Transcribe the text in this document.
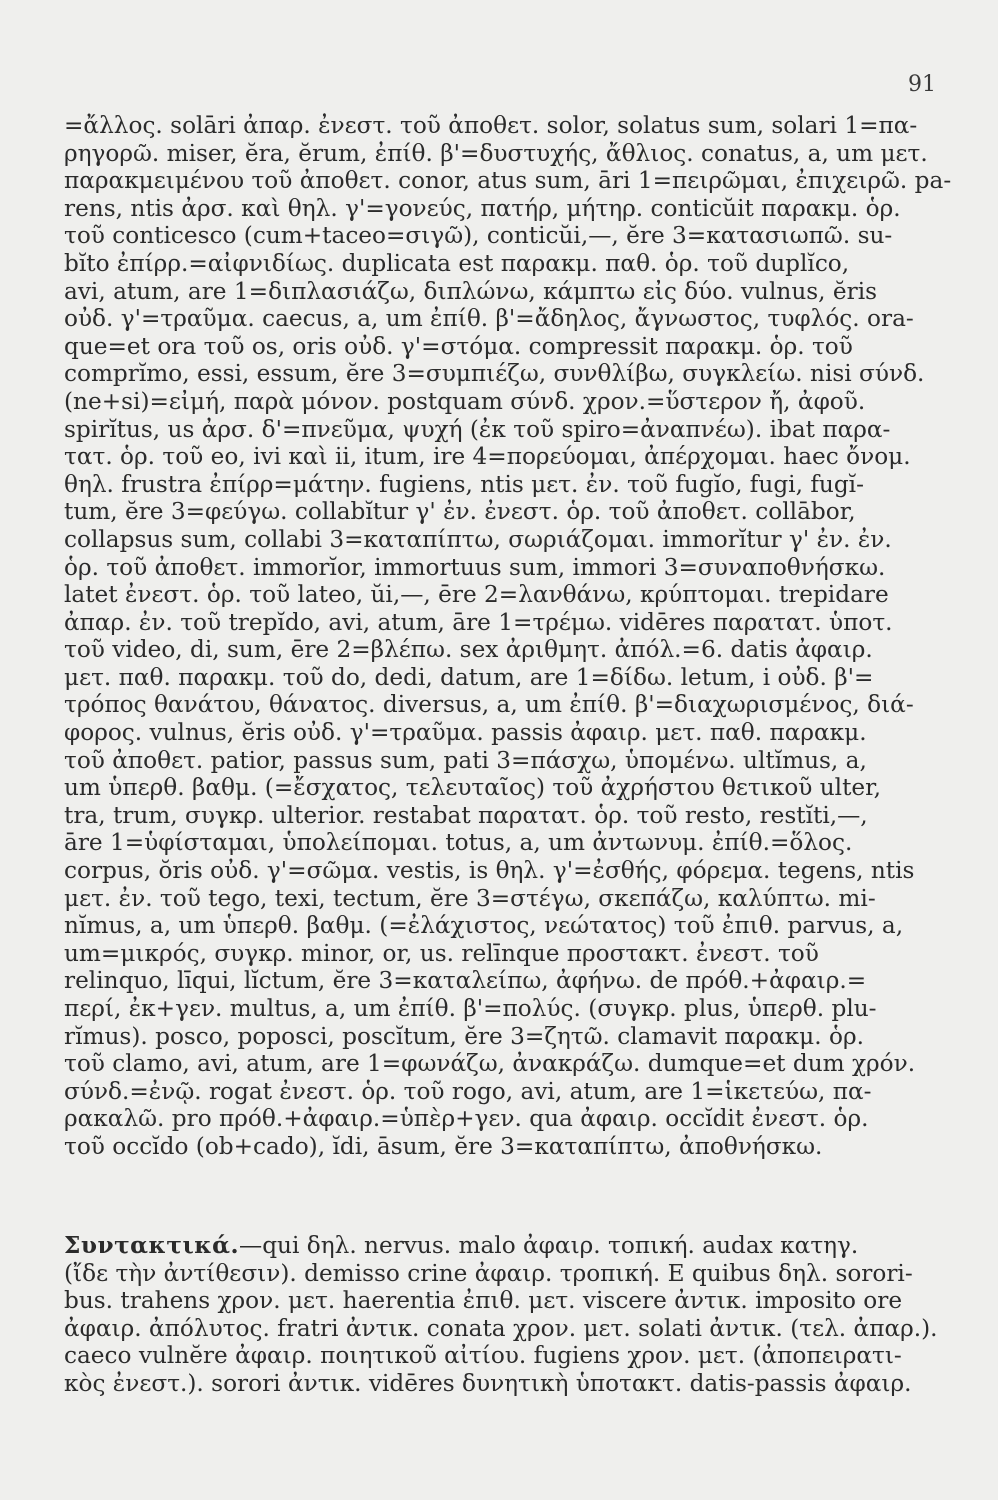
91
=ἄλλος. solāri ἀπαρ. ἐνεστ. τοῦ ἀποθετ. solor, solatus sum, solari 1=πα-
ρηγορῶ. miser, ĕra, ĕrum, ἐπίθ. β'=δυστυχής, ἄθλιος. conatus, a, um μετ.
παρακμειμένου τοῦ ἀποθετ. conor, atus sum, āri 1=πειρῶμαι, ἐπιχειρῶ. pa-
rens, ntis ἀρσ. καὶ θηλ. γ'=γονεύς, πατήρ, μήτηρ. conticŭit παρακμ. ὁρ.
τοῦ conticesco (cum+taceo=σιγῶ), conticŭi,—, ĕre 3=κατασιωπῶ. su-
bĭto ἐπίρρ.=αἰφνιδίως. duplicata est παρακμ. παθ. ὁρ. τοῦ duplĭco,
avi, atum, are 1=διπλασιάζω, διπλώνω, κάμπτω εἰς δύο. vulnus, ĕris
οὐδ. γ'=τραῦμα. caecus, a, um ἐπίθ. β'=ἄδηλος, ἄγνωστος, τυφλός. ora-
que=et ora τοῦ os, oris οὐδ. γ'=στόμα. compressit παρακμ. ὁρ. τοῦ
comprĭmo, essi, essum, ĕre 3=συμπιέζω, συνθλίβω, συγκλείω. nisi σύνδ.
(ne+si)=εἰμή, παρὰ μόνον. postquam σύνδ. χρον.=ὕστερον ἤ, ἀφοῦ.
spirĭtus, us ἀρσ. δ'=πνεῦμα, ψυχή (ἐκ τοῦ spiro=ἀναπνέω). ibat παρα-
τατ. ὁρ. τοῦ eo, ivi καὶ ii, itum, ire 4=πορεύομαι, ἀπέρχομαι. haec ὄνομ.
θηλ. frustra ἐπίρρ=μάτην. fugiens, ntis μετ. ἐν. τοῦ fugĭo, fugi, fugĭ-
tum, ĕre 3=φεύγω. collabĭtur γ' ἐν. ἐνεστ. ὁρ. τοῦ ἀποθετ. collābor,
collapsus sum, collabi 3=καταπίπτω, σωριάζομαι. immorĭtur γ' ἐν. ἐν.
ὁρ. τοῦ ἀποθετ. immorĭor, immortuus sum, immori 3=συναποθνήσκω.
latet ἐνεστ. ὁρ. τοῦ lateo, ŭi,—, ēre 2=λανθάνω, κρύπτομαι. trepidare
ἀπαρ. ἐν. τοῦ trepĭdo, avi, atum, āre 1=τρέμω. vidēres παρατατ. ὑποτ.
τοῦ video, di, sum, ēre 2=βλέπω. sex ἀριθμητ. ἀπόλ.=6. datis ἀφαιρ.
μετ. παθ. παρακμ. τοῦ do, dedi, datum, are 1=δίδω. letum, i οὐδ. β'=
τρόπος θανάτου, θάνατος. diversus, a, um ἐπίθ. β'=διαχωρισμένος, διά-
φορος. vulnus, ĕris οὐδ. γ'=τραῦμα. passis ἀφαιρ. μετ. παθ. παρακμ.
τοῦ ἀποθετ. patior, passus sum, pati 3=πάσχω, ὑπομένω. ultĭmus, a,
um ὑπερθ. βαθμ. (=ἔσχατος, τελευταῖος) τοῦ ἀχρήστου θετικοῦ ulter,
tra, trum, συγκρ. ulterior. restabat παρατατ. ὁρ. τοῦ resto, restĭti,—,
āre 1=ὑφίσταμαι, ὑπολείπομαι. totus, a, um ἀντωνυμ. ἐπίθ.=ὅλος.
corpus, ŏris οὐδ. γ'=σῶμα. vestis, is θηλ. γ'=ἐσθής, φόρεμα. tegens, ntis
μετ. ἐν. τοῦ tego, texi, tectum, ĕre 3=στέγω, σκεπάζω, καλύπτω. mi-
nĭmus, a, um ὑπερθ. βαθμ. (=ἐλάχιστος, νεώτατος) τοῦ ἐπιθ. parvus, a,
um=μικρός, συγκρ. minor, or, us. relīnque προστακτ. ἐνεστ. τοῦ
relinquo, līqui, lĭctum, ĕre 3=καταλείπω, ἀφήνω. de πρόθ.+ἀφαιρ.=
περί, ἐκ+γεν. multus, a, um ἐπίθ. β'=πολύς. (συγκρ. plus, ὑπερθ. plu-
rĭmus). posco, poposci, poscĭtum, ĕre 3=ζητῶ. clamavit παρακμ. ὁρ.
τοῦ clamo, avi, atum, are 1=φωνάζω, ἀνακράζω. dumque=et dum χρόν.
σύνδ.=ἐνῷ. rogat ἐνεστ. ὁρ. τοῦ rogo, avi, atum, are 1=ἱκετεύω, πα-
ρακαλῶ. pro πρόθ.+ἀφαιρ.=ὑπὲρ+γεν. qua ἀφαιρ. occĭdit ἐνεστ. ὁρ.
τοῦ occĭdo (ob+cado), ĭdi, āsum, ĕre 3=καταπίπτω, ἀποθνήσκω.
Συντακτικά.—qui δηλ. nervus. malo ἀφαιρ. τοπική. audax κατηγ.
(ἴδε τὴν ἀντίθεσιν). demisso crine ἀφαιρ. τροπική. E quibus δηλ. sorori-
bus. trahens χρον. μετ. haerentia ἐπιθ. μετ. viscere ἀντικ. imposito ore
ἀφαιρ. ἀπόλυτος. fratri ἀντικ. conata χρον. μετ. solati ἀντικ. (τελ. ἀπαρ.).
caeco vulnĕre ἀφαιρ. ποιητικοῦ αἰτίου. fugiens χρον. μετ. (ἀποπειρατι-
κὸς ἐνεστ.). sorori ἀντικ. vidēres δυνητικὴ ὑποτακτ. datis-passis ἀφαιρ.
